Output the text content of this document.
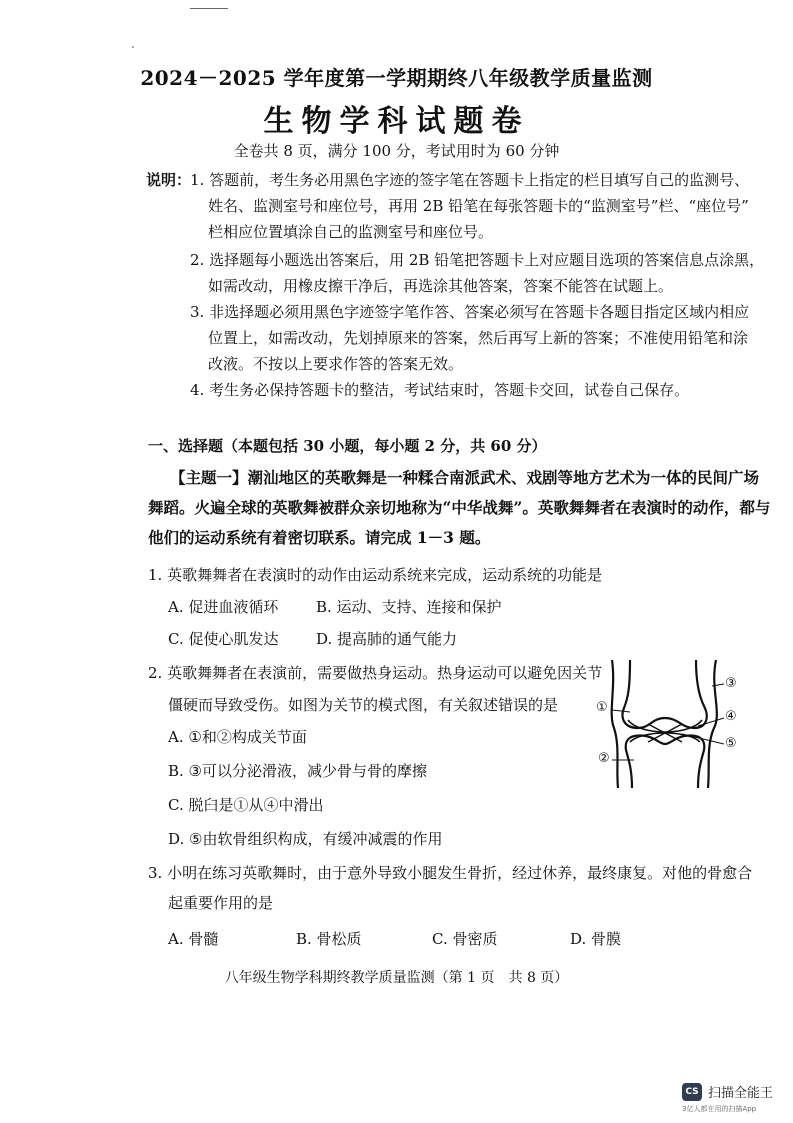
2024－2025 学年度第一学期期终八年级教学质量监测
生物学科试题卷
全卷共 8 页，满分 100 分，考试用时为 60 分钟
说明：
1. 答题前，考生务必用黑色字迹的签字笔在答题卡上指定的栏目填写自己的监测号、
姓名、监测室号和座位号，再用 2B 铅笔在每张答题卡的“监测室号”栏、“座位号”
栏相应位置填涂自己的监测室号和座位号。
2. 选择题每小题选出答案后，用 2B 铅笔把答题卡上对应题目选项的答案信息点涂黑，
如需改动，用橡皮擦干净后，再选涂其他答案，答案不能答在试题上。
3. 非选择题必须用黑色字迹签字笔作答、答案必须写在答题卡各题目指定区域内相应
位置上，如需改动，先划掉原来的答案，然后再写上新的答案；不准使用铅笔和涂
改液。不按以上要求作答的答案无效。
4. 考生务必保持答题卡的整洁，考试结束时，答题卡交回，试卷自己保存。
一、选择题（本题包括 30 小题，每小题 2 分，共 60 分）
【主题一】潮汕地区的英歌舞是一种糅合南派武术、戏剧等地方艺术为一体的民间广场
舞蹈。火遍全球的英歌舞被群众亲切地称为“中华战舞”。英歌舞舞者在表演时的动作，都与
他们的运动系统有着密切联系。请完成 1－3 题。
1. 英歌舞舞者在表演时的动作由运动系统来完成，运动系统的功能是
A. 促进血液循环	B. 运动、支持、连接和保护
C. 促使心肌发达	D. 提高肺的通气能力
2. 英歌舞舞者在表演前，需要做热身运动。热身运动可以避免因关节
僵硬而导致受伤。如图为关节的模式图，有关叙述错误的是
A. ①和②构成关节面
B. ③可以分泌滑液，减少骨与骨的摩擦
C. 脱臼是①从④中滑出
D. ⑤由软骨组织构成，有缓冲减震的作用
①
②
③
④
⑤
3. 小明在练习英歌舞时，由于意外导致小腿发生骨折，经过休养，最终康复。对他的骨愈合
起重要作用的是
A. 骨髓	B. 骨松质	C. 骨密质	D. 骨膜
八年级生物学科期终教学质量监测（第 1 页　共 8 页）
CS 扫描全能王
3亿人都在用的扫描App
